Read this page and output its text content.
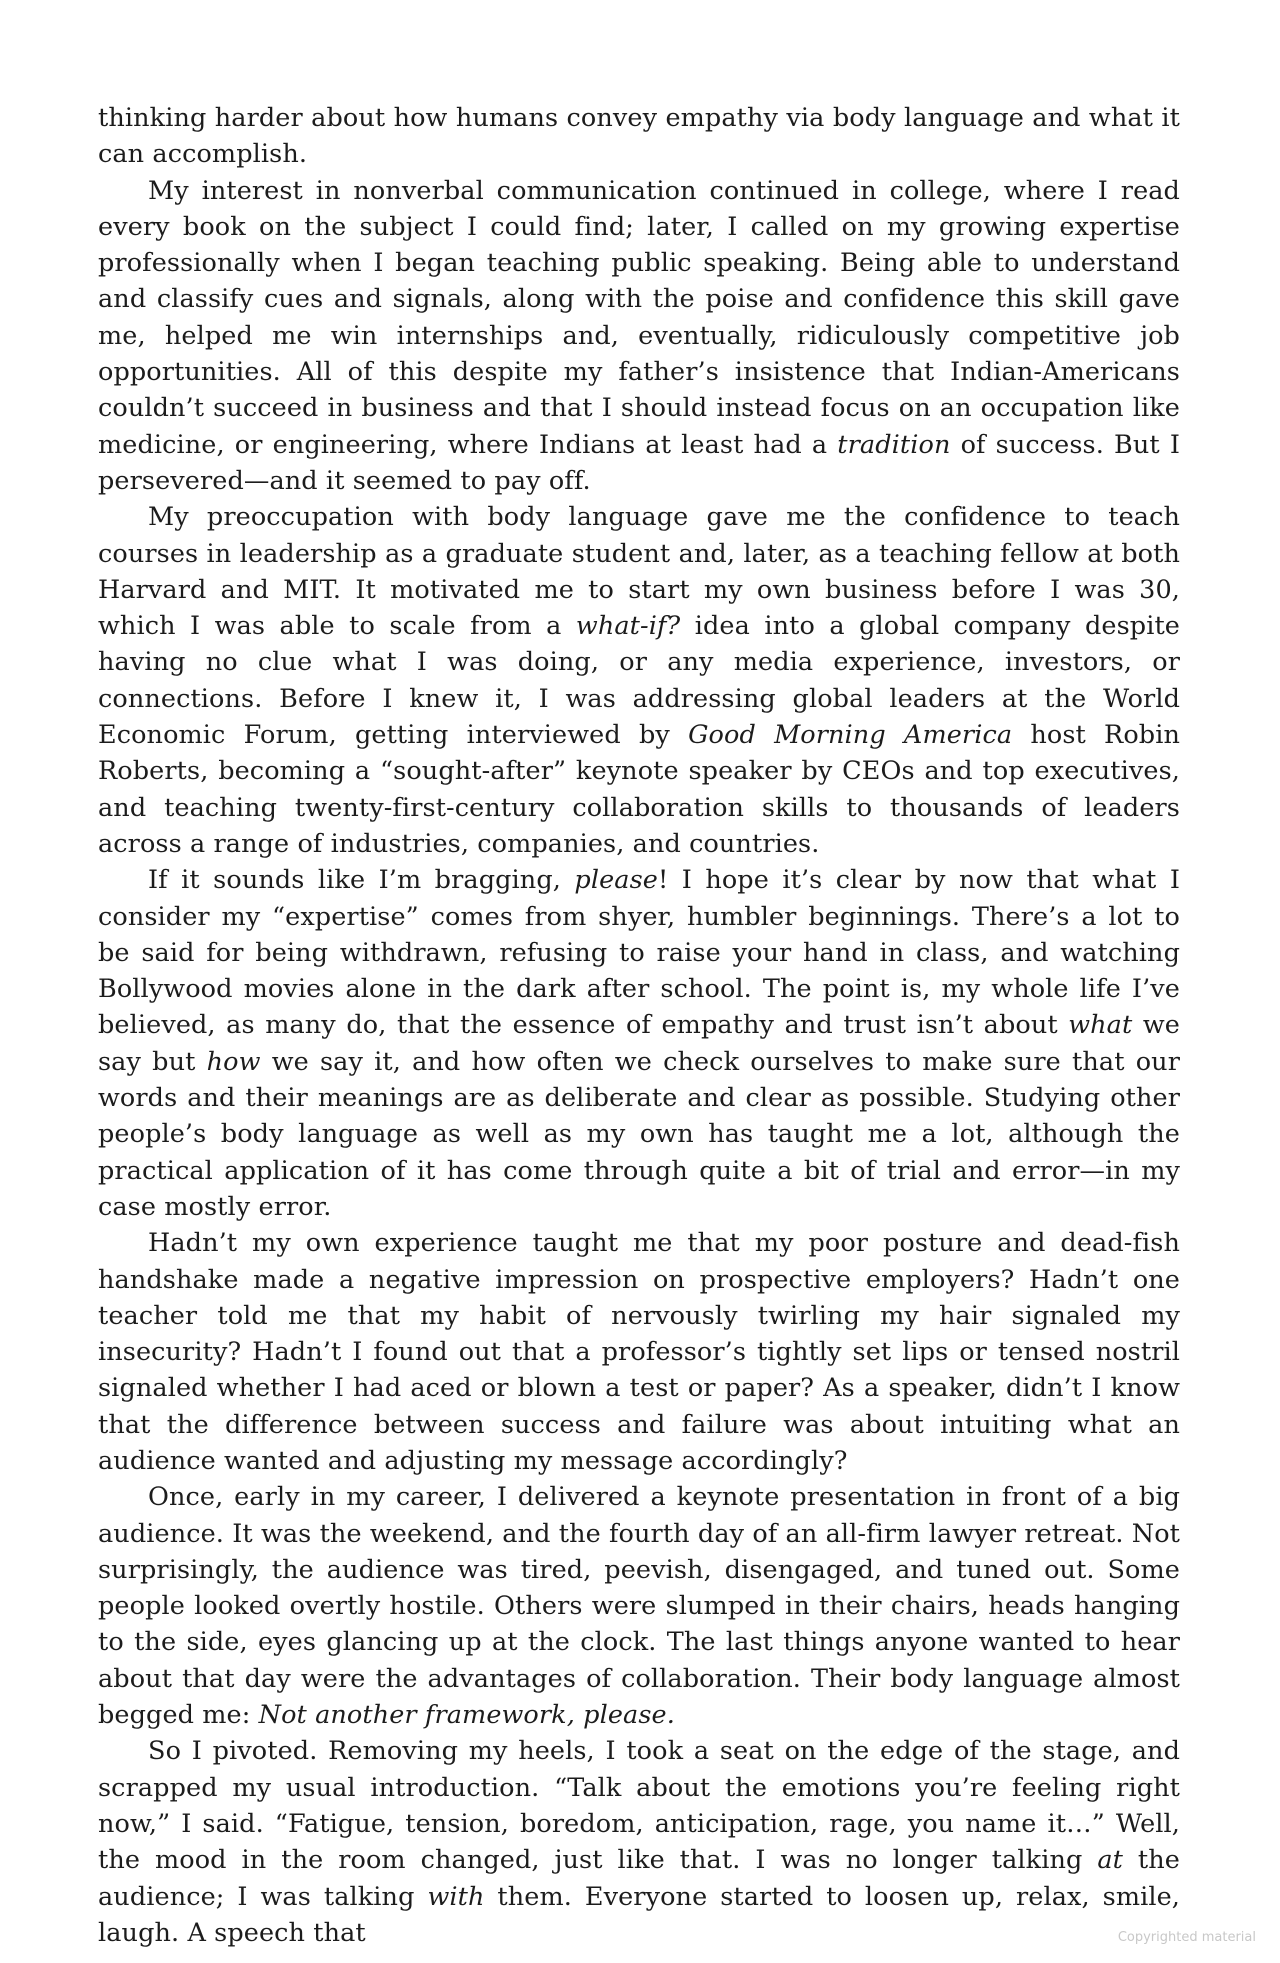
thinking harder about how humans convey empathy via body language and what it can accomplish.

My interest in nonverbal communication continued in college, where I read every book on the subject I could find; later, I called on my growing expertise professionally when I began teaching public speaking. Being able to understand and classify cues and signals, along with the poise and confidence this skill gave me, helped me win internships and, eventually, ridiculously competitive job opportunities. All of this despite my father’s insistence that Indian-Americans couldn’t succeed in business and that I should instead focus on an occupation like medicine, or engineering, where Indians at least had a tradition of success. But I persevered—and it seemed to pay off.

My preoccupation with body language gave me the confidence to teach courses in leadership as a graduate student and, later, as a teaching fellow at both Harvard and MIT. It motivated me to start my own business before I was 30, which I was able to scale from a what-if? idea into a global company despite having no clue what I was doing, or any media experience, investors, or connections. Before I knew it, I was addressing global leaders at the World Economic Forum, getting interviewed by Good Morning America host Robin Roberts, becoming a “sought-after” keynote speaker by CEOs and top executives, and teaching twenty-first-century collaboration skills to thousands of leaders across a range of industries, companies, and countries.

If it sounds like I’m bragging, please! I hope it’s clear by now that what I consider my “expertise” comes from shyer, humbler beginnings. There’s a lot to be said for being withdrawn, refusing to raise your hand in class, and watching Bollywood movies alone in the dark after school. The point is, my whole life I’ve believed, as many do, that the essence of empathy and trust isn’t about what we say but how we say it, and how often we check ourselves to make sure that our words and their meanings are as deliberate and clear as possible. Studying other people’s body language as well as my own has taught me a lot, although the practical application of it has come through quite a bit of trial and error—in my case mostly error.

Hadn’t my own experience taught me that my poor posture and dead-fish handshake made a negative impression on prospective employers? Hadn’t one teacher told me that my habit of nervously twirling my hair signaled my insecurity? Hadn’t I found out that a professor’s tightly set lips or tensed nostril signaled whether I had aced or blown a test or paper? As a speaker, didn’t I know that the difference between success and failure was about intuiting what an audience wanted and adjusting my message accordingly?

Once, early in my career, I delivered a keynote presentation in front of a big audience. It was the weekend, and the fourth day of an all-firm lawyer retreat. Not surprisingly, the audience was tired, peevish, disengaged, and tuned out. Some people looked overtly hostile. Others were slumped in their chairs, heads hanging to the side, eyes glancing up at the clock. The last things anyone wanted to hear about that day were the advantages of collaboration. Their body language almost begged me: Not another framework, please.

So I pivoted. Removing my heels, I took a seat on the edge of the stage, and scrapped my usual introduction. “Talk about the emotions you’re feeling right now,” I said. “Fatigue, tension, boredom, anticipation, rage, you name it…” Well, the mood in the room changed, just like that. I was no longer talking at the audience; I was talking with them. Everyone started to loosen up, relax, smile, laugh. A speech that	Copyrighted material
